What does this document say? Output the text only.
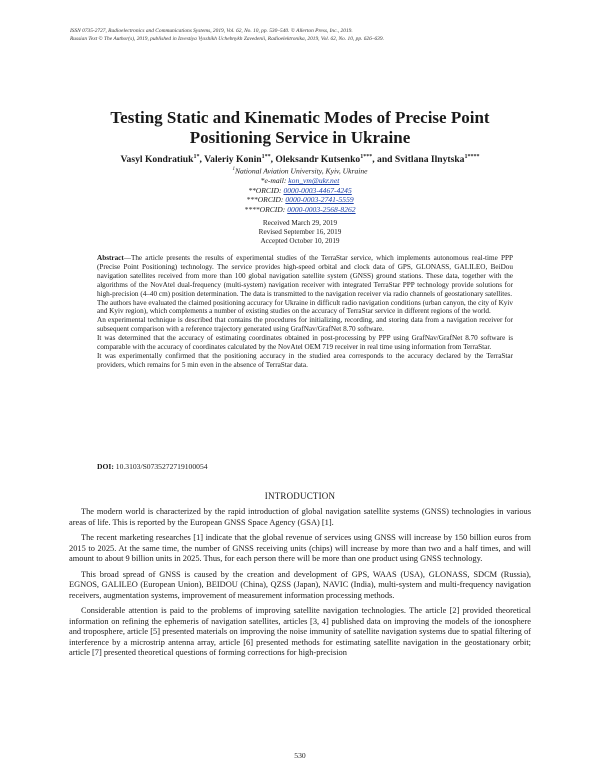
ISSN 0735-2727, Radioelectronics and Communications Systems, 2019, Vol. 62, No. 10, pp. 530–540. © Allerton Press, Inc., 2019.
Russian Text © The Author(s), 2019, published in Izvestiya Vysshikh Uchebnykh Zavedenii, Radioelektronika, 2019, Vol. 62, No. 10, pp. 626–639.
Testing Static and Kinematic Modes of Precise Point
Positioning Service in Ukraine
Vasyl Kondratiuk$^{1*}$, Valeriy Konin$^{1**}$, Oleksandr Kutsenko$^{1***}$, and Svitlana Ilnytska$^{1****}$
$^1$National Aviation University, Kyiv, Ukraine
*e-mail: kon_vm@ukr.net
**ORCID: 0000-0003-4467-4245
***ORCID: 0000-0003-2741-5559
****ORCID: 0000-0003-2568-8262
Received March 29, 2019
Revised September 16, 2019
Accepted October 10, 2019

Abstract—The article presents the results of experimental studies of the TerraStar service, which implements autonomous real-time PPP (Precise Point Positioning) technology. The service provides high-speed orbital and clock data of GPS, GLONASS, GALILEO, BeiDou navigation satellites received from more than 100 global navigation satellite system (GNSS) ground stations. These data, together with the algorithms of the NovAtel dual-frequency (multi-system) navigation receiver with integrated TerraStar PPP technology provide solutions for high-precision (4–40 cm) position determination. The data is transmitted to the navigation receiver via radio channels of geostationary satellites.

The authors have evaluated the claimed positioning accuracy for Ukraine in difficult radio navigation conditions (urban canyon, the city of Kyiv and Kyiv region), which complements a number of existing studies on the accuracy of TerraStar service in different regions of the world.

An experimental technique is described that contains the procedures for initializing, recording, and storing data from a navigation receiver for subsequent comparison with a reference trajectory generated using GrafNav/GrafNet 8.70 software.

It was determined that the accuracy of estimating coordinates obtained in post-processing by PPP using GrafNav/GrafNet 8.70 software is comparable with the accuracy of coordinates calculated by the NovAtel OEM 719 receiver in real time using information from TerraStar.

It was experimentally confirmed that the positioning accuracy in the studied area corresponds to the accuracy declared by the TerraStar providers, which remains for 5 min even in the absence of TerraStar data.

DOI: 10.3103/S0735272719100054
INTRODUCTION

The modern world is characterized by the rapid introduction of global navigation satellite systems (GNSS) technologies in various areas of life. This is reported by the European GNSS Space Agency (GSA) [1].

The recent marketing researches [1] indicate that the global revenue of services using GNSS will increase by 150 billion euros from 2015 to 2025. At the same time, the number of GNSS receiving units (chips) will increase by more than two and a half times, and will amount to about 9 billion units in 2025. Thus, for each person there will be more than one product using GNSS technology.

This broad spread of GNSS is caused by the creation and development of GPS, WAAS (USA), GLONASS, SDCM (Russia), EGNOS, GALILEO (European Union), BEIDOU (China), QZSS (Japan), NAVIC (India), multi-system and multi-frequency navigation receivers, augmentation systems, improvement of measurement information processing methods.

Considerable attention is paid to the problems of improving satellite navigation technologies. The article [2] provided theoretical information on refining the ephemeris of navigation satellites, articles [3, 4] published data on improving the models of the ionosphere and troposphere, article [5] presented materials on improving the noise immunity of satellite navigation systems due to spatial filtering of interference by a microstrip antenna array, article [6] presented methods for estimating satellite navigation in the geostationary orbit; article [7] presented theoretical questions of forming corrections for high-precision

530
